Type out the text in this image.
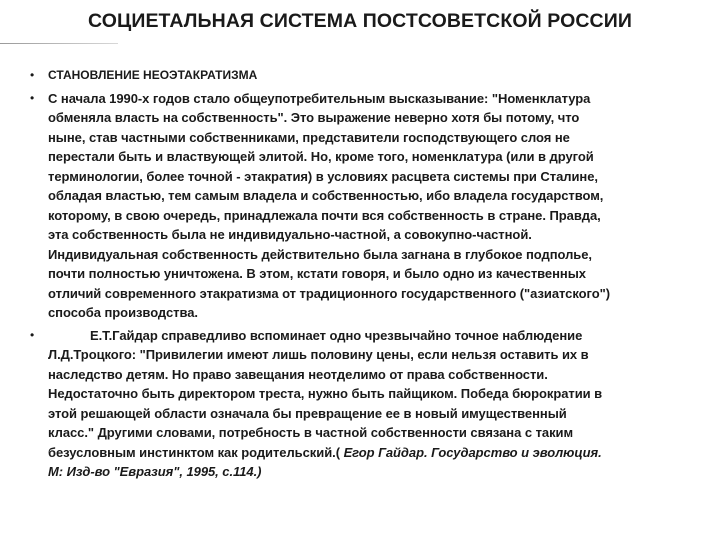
СОЦИЕТАЛЬНАЯ СИСТЕМА ПОСТСОВЕТСКОЙ РОССИИ
• СТАНОВЛЕНИЕ НЕОЭТАКРАТИЗМА
• С начала 1990-х годов стало общеупотребительным высказывание: "Номенклатура
обменяла власть на собственность". Это выражение неверно хотя бы потому, что
ныне, став частными собственниками, представители господствующего слоя не
перестали быть и властвующей элитой. Но, кроме того, номенклатура (или в другой
терминологии, более точной - этакратия) в условиях расцвета системы при Сталине,
обладая властью, тем самым владела и собственностью, ибо владела государством,
которому, в свою очередь, принадлежала почти вся собственность в стране. Правда,
эта собственность была не индивидуально-частной, а совокупно-частной.
Индивидуальная собственность действительно была загнана в глубокое подполье,
почти полностью уничтожена. В этом, кстати говоря, и было одно из качественных
отличий современного этакратизма от традиционного государственного ("азиатского")
способа производства.
•	Е.Т.Гайдар справедливо вспоминает одно чрезвычайно точное наблюдение
Л.Д.Троцкого: "Привилегии имеют лишь половину цены, если нельзя оставить их в
наследство детям. Но право завещания неотделимо от права собственности.
Недостаточно быть директором треста, нужно быть пайщиком. Победа бюрократии в
этой решающей области означала бы превращение ее в новый имущественный
класс." Другими словами, потребность в частной собственности связана с таким
безусловным инстинктом как родительский.( Егор Гайдар. Государство и эволюция.
М: Изд-во "Евразия", 1995, с.114.)
